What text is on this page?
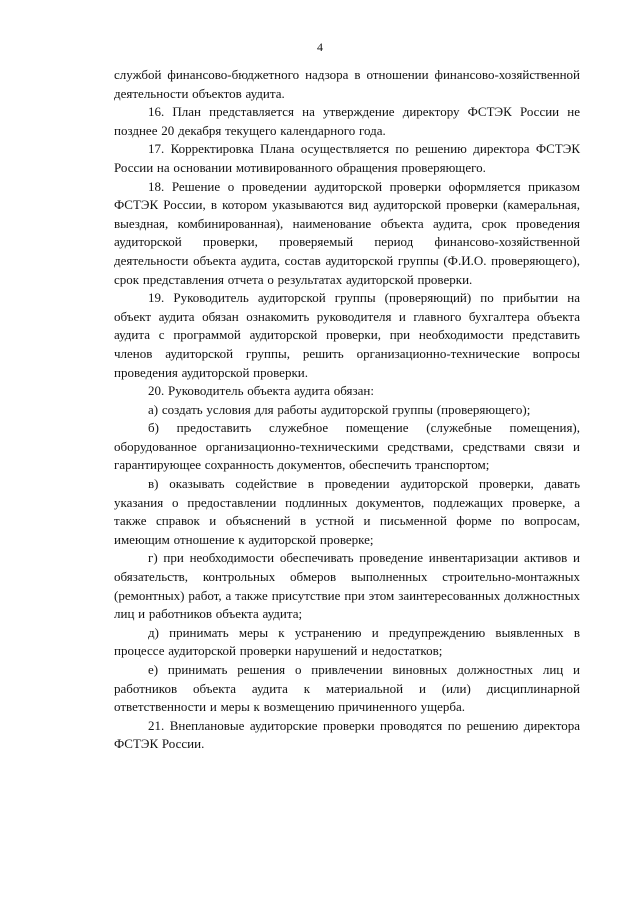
4

службой финансово-бюджетного надзора в отношении финансово-хозяйственной деятельности объектов аудита.

16. План представляется на утверждение директору ФСТЭК России не позднее 20 декабря текущего календарного года.

17. Корректировка Плана осуществляется по решению директора ФСТЭК России на основании мотивированного обращения проверяющего.

18. Решение о проведении аудиторской проверки оформляется приказом ФСТЭК России, в котором указываются вид аудиторской проверки (камеральная, выездная, комбинированная), наименование объекта аудита, срок проведения аудиторской проверки, проверяемый период финансово-хозяйственной деятельности объекта аудита, состав аудиторской группы (Ф.И.О. проверяющего), срок представления отчета о результатах аудиторской проверки.

19. Руководитель аудиторской группы (проверяющий) по прибытии на объект аудита обязан ознакомить руководителя и главного бухгалтера объекта аудита с программой аудиторской проверки, при необходимости представить членов аудиторской группы, решить организационно-технические вопросы проведения аудиторской проверки.

20. Руководитель объекта аудита обязан:

а) создать условия для работы аудиторской группы (проверяющего);

б) предоставить служебное помещение (служебные помещения), оборудованное организационно-техническими средствами, средствами связи и гарантирующее сохранность документов, обеспечить транспортом;

в) оказывать содействие в проведении аудиторской проверки, давать указания о предоставлении подлинных документов, подлежащих проверке, а также справок и объяснений в устной и письменной форме по вопросам, имеющим отношение к аудиторской проверке;

г) при необходимости обеспечивать проведение инвентаризации активов и обязательств, контрольных обмеров выполненных строительно-монтажных (ремонтных) работ, а также присутствие при этом заинтересованных должностных лиц и работников объекта аудита;

д) принимать меры к устранению и предупреждению выявленных в процессе аудиторской проверки нарушений и недостатков;

е) принимать решения о привлечении виновных должностных лиц и работников объекта аудита к материальной и (или) дисциплинарной ответственности и меры к возмещению причиненного ущерба.

21. Внеплановые аудиторские проверки проводятся по решению директора ФСТЭК России.
